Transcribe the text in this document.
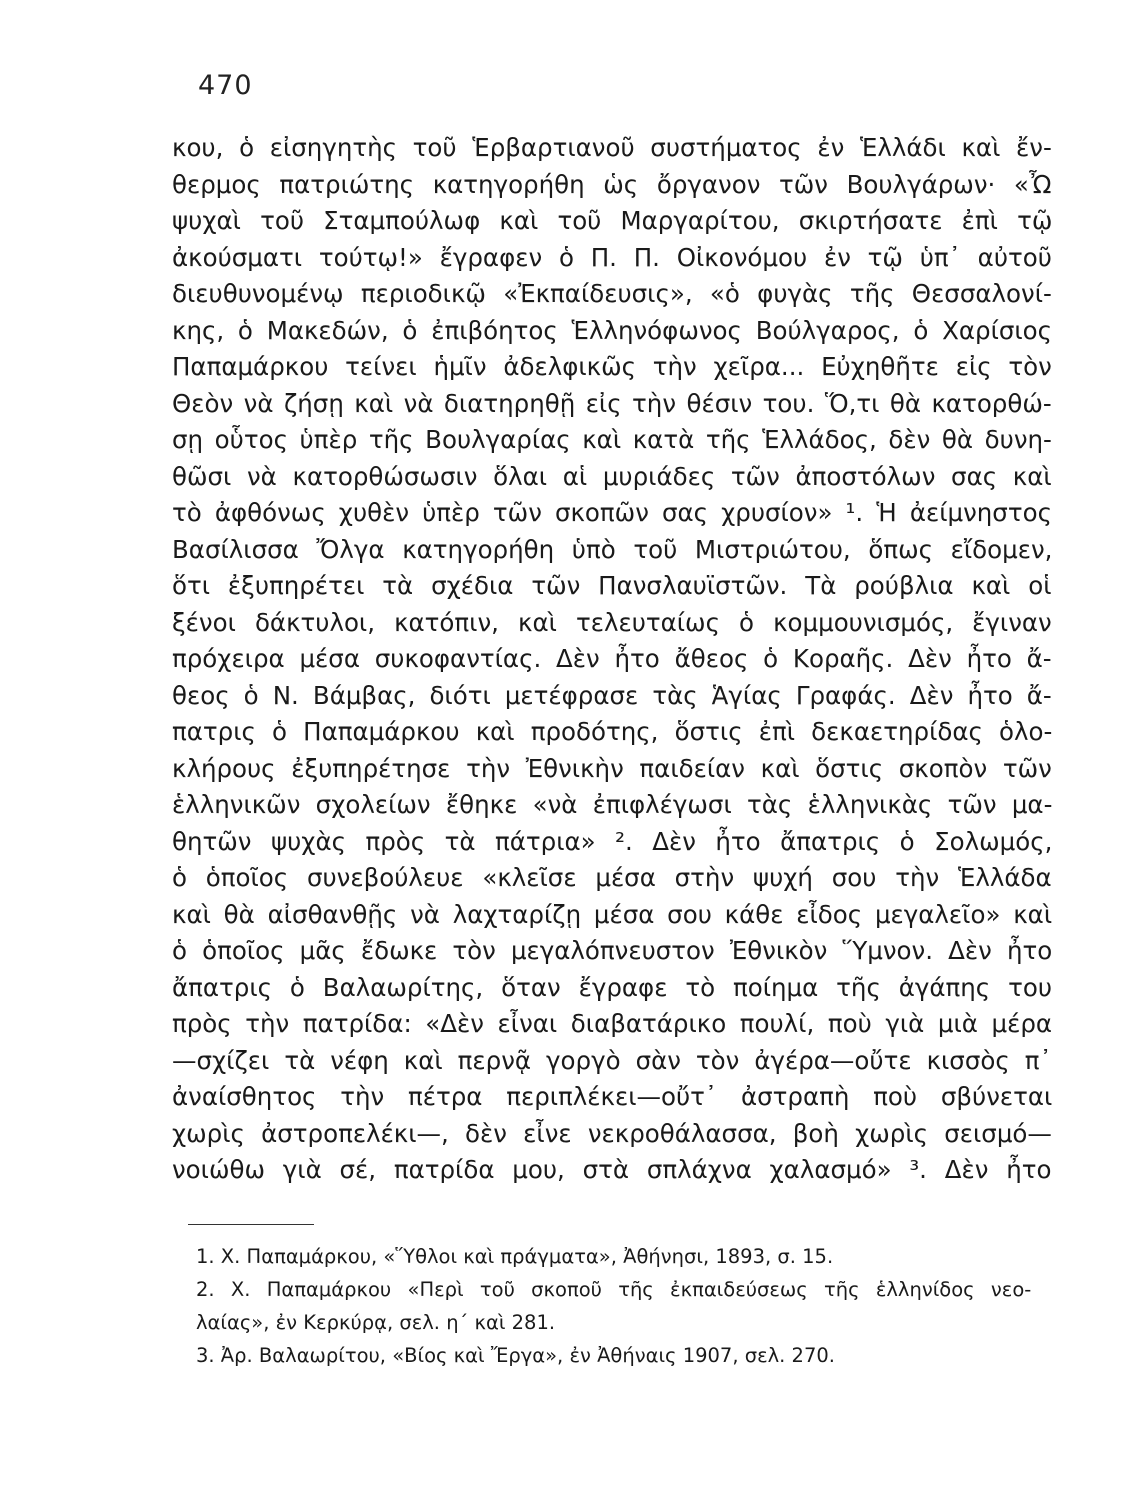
470
κου, ὁ εἰσηγητὴς τοῦ Ἑρβαρτιανοῦ συστήματος ἐν Ἑλλάδι καὶ ἔν-
θερμος πατριώτης κατηγορήθη ὡς ὄργανον τῶν Βουλγάρων· «Ὦ
ψυχαὶ τοῦ Σταμπούλωφ καὶ τοῦ Μαργαρίτου, σκιρτήσατε ἐπὶ τῷ
ἀκούσματι τούτῳ!» ἔγραφεν ὁ Π. Π. Οἰκονόμου ἐν τῷ ὑπ᾽ αὐτοῦ
διευθυνομένῳ περιοδικῷ «Ἐκπαίδευσις», «ὁ φυγὰς τῆς Θεσσαλονί-
κης, ὁ Μακεδών, ὁ ἐπιβόητος Ἑλληνόφωνος Βούλγαρος, ὁ Χαρίσιος
Παπαμάρκου τείνει ἡμῖν ἀδελφικῶς τὴν χεῖρα... Εὐχηθῆτε εἰς τὸν
Θεὸν νὰ ζήσῃ καὶ νὰ διατηρηθῇ εἰς τὴν θέσιν του. Ὅ,τι θὰ κατορθώ-
σῃ οὗτος ὑπὲρ τῆς Βουλγαρίας καὶ κατὰ τῆς Ἑλλάδος, δὲν θὰ δυνη-
θῶσι νὰ κατορθώσωσιν ὅλαι αἱ μυριάδες τῶν ἀποστόλων σας καὶ
τὸ ἀφθόνως χυθὲν ὑπὲρ τῶν σκοπῶν σας χρυσίον» ¹. Ἡ ἀείμνηστος
Βασίλισσα Ὄλγα κατηγορήθη ὑπὸ τοῦ Μιστριώτου, ὅπως εἴδομεν,
ὅτι ἐξυπηρέτει τὰ σχέδια τῶν Πανσλαυϊστῶν. Τὰ ρούβλια καὶ οἱ
ξένοι δάκτυλοι, κατόπιν, καὶ τελευταίως ὁ κομμουνισμός, ἔγιναν
πρόχειρα μέσα συκοφαντίας. Δὲν ἦτο ἄθεος ὁ Κοραῆς. Δὲν ἦτο ἄ-
θεος ὁ Ν. Βάμβας, διότι μετέφρασε τὰς Ἁγίας Γραφάς. Δὲν ἦτο ἄ-
πατρις ὁ Παπαμάρκου καὶ προδότης, ὅστις ἐπὶ δεκαετηρίδας ὁλο-
κλήρους ἐξυπηρέτησε τὴν Ἐθνικὴν παιδείαν καὶ ὅστις σκοπὸν τῶν
ἑλληνικῶν σχολείων ἔθηκε «νὰ ἐπιφλέγωσι τὰς ἑλληνικὰς τῶν μα-
θητῶν ψυχὰς πρὸς τὰ πάτρια» ². Δὲν ἦτο ἄπατρις ὁ Σολωμός,
ὁ ὁποῖος συνεβούλευε «κλεῖσε μέσα στὴν ψυχή σου τὴν Ἑλλάδα
καὶ θὰ αἰσθανθῇς νὰ λαχταρίζῃ μέσα σου κάθε εἶδος μεγαλεῖο» καὶ
ὁ ὁποῖος μᾶς ἔδωκε τὸν μεγαλόπνευστον Ἐθνικὸν Ὕμνον. Δὲν ἦτο
ἄπατρις ὁ Βαλαωρίτης, ὅταν ἔγραφε τὸ ποίημα τῆς ἀγάπης του
πρὸς τὴν πατρίδα: «Δὲν εἶναι διαβατάρικο πουλί, ποὺ γιὰ μιὰ μέρα
—σχίζει τὰ νέφη καὶ περνᾷ γοργὸ σὰν τὸν ἀγέρα—οὔτε κισσὸς π᾽
ἀναίσθητος τὴν πέτρα περιπλέκει—οὔτ᾽ ἀστραπὴ ποὺ σβύνεται
χωρὶς ἀστροπελέκι—, δὲν εἶνε νεκροθάλασσα, βοὴ χωρὶς σεισμό—
νοιώθω γιὰ σέ, πατρίδα μου, στὰ σπλάχνα χαλασμό» ³. Δὲν ἦτο
1. Χ. Παπαμάρκου, «Ὕθλοι καὶ πράγματα», Ἀθήνησι, 1893, σ. 15.
2. Χ. Παπαμάρκου «Περὶ τοῦ σκοποῦ τῆς ἐκπαιδεύσεως τῆς ἑλληνίδος νεο-
λαίας», ἐν Κερκύρᾳ, σελ. η´ καὶ 281.
3. Ἀρ. Βαλαωρίτου, «Βίος καὶ Ἔργα», ἐν Ἀθήναις 1907, σελ. 270.
